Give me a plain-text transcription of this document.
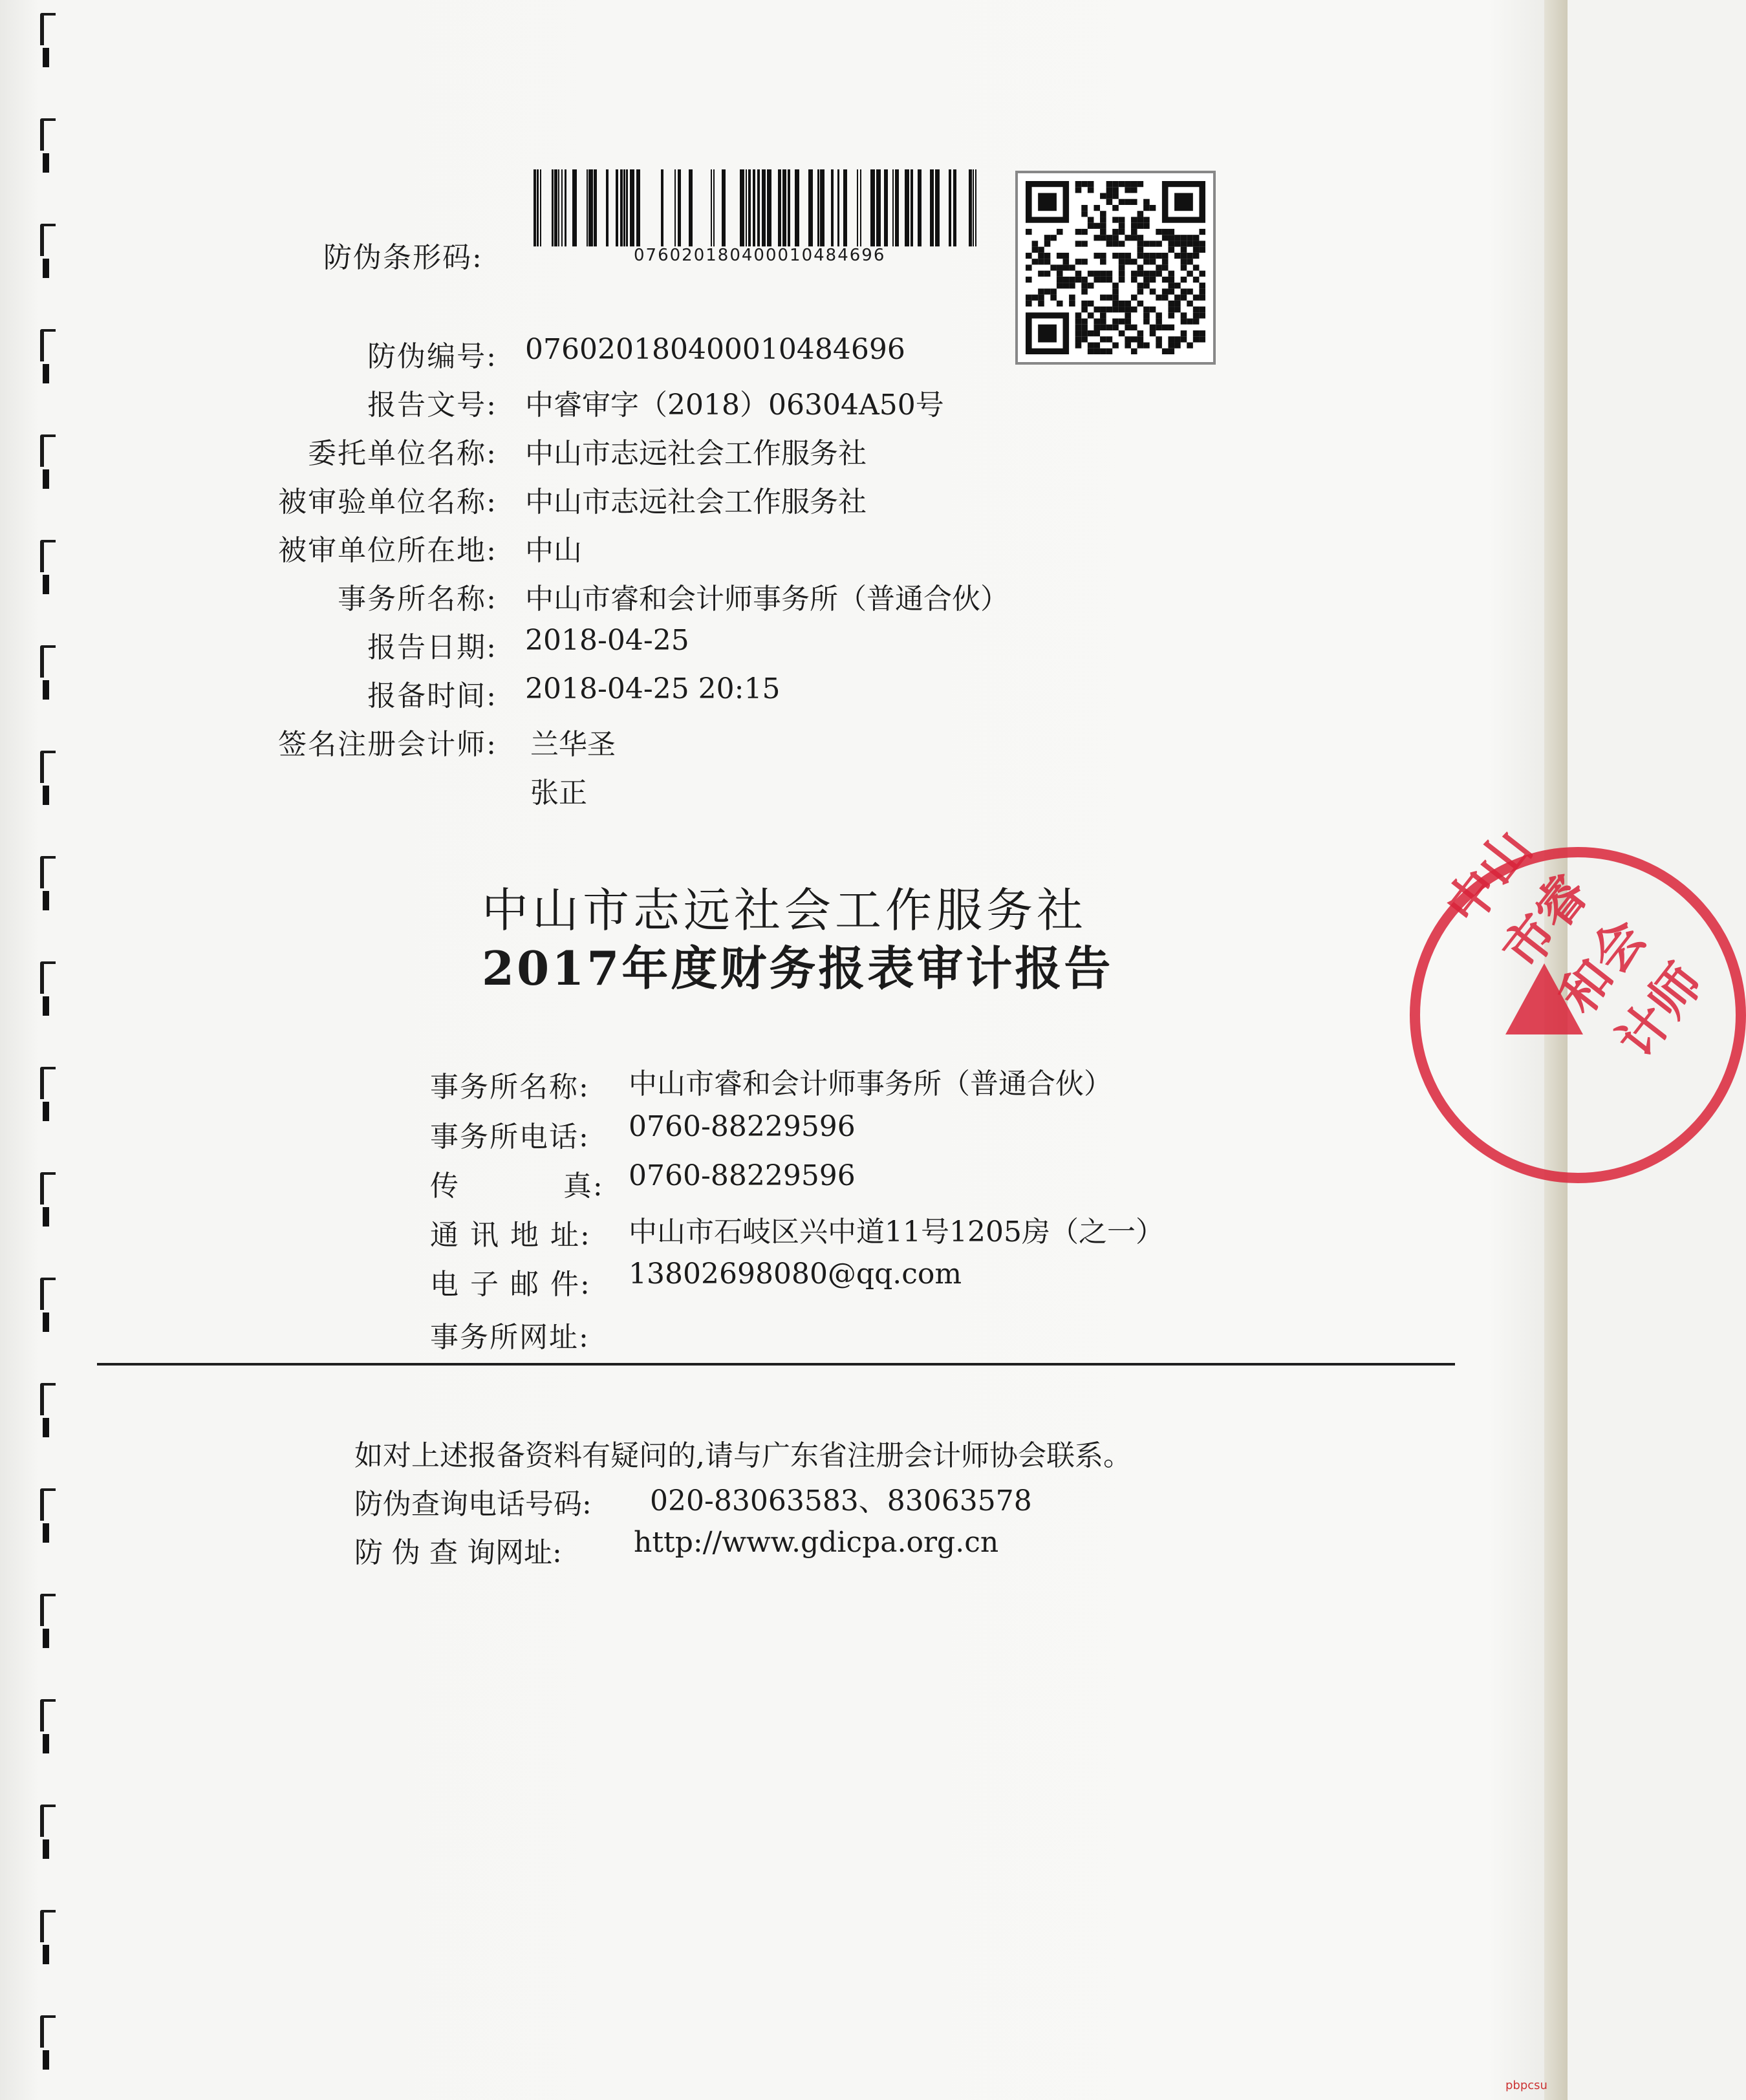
防伪条形码:	076020180400010484696
防伪编号: 076020180400010484696
报告文号: 中睿审字（2018）06304A50号
委托单位名称: 中山市志远社会工作服务社
被审验单位名称: 中山市志远社会工作服务社
被审单位所在地: 中山
事务所名称: 中山市睿和会计师事务所（普通合伙）
报告日期: 2018-04-25
报备时间: 2018-04-25 20:15
签名注册会计师: 兰华圣
张正
中山市志远社会工作服务社
2017年度财务报表审计报告
中山市睿和会计师
事务所名称: 中山市睿和会计师事务所（普通合伙）
事务所电话: 0760-88229596
传          真: 0760-88229596
通 讯 地 址: 中山市石岐区兴中道11号1205房（之一）
电 子 邮 件: 13802698080@qq.com
事务所网址:
如对上述报备资料有疑问的,请与广东省注册会计师协会联系。
防伪查询电话号码: 020-83063583、83063578
防 伪 查 询网址:	http://www.gdicpa.org.cn
pbpcsu
